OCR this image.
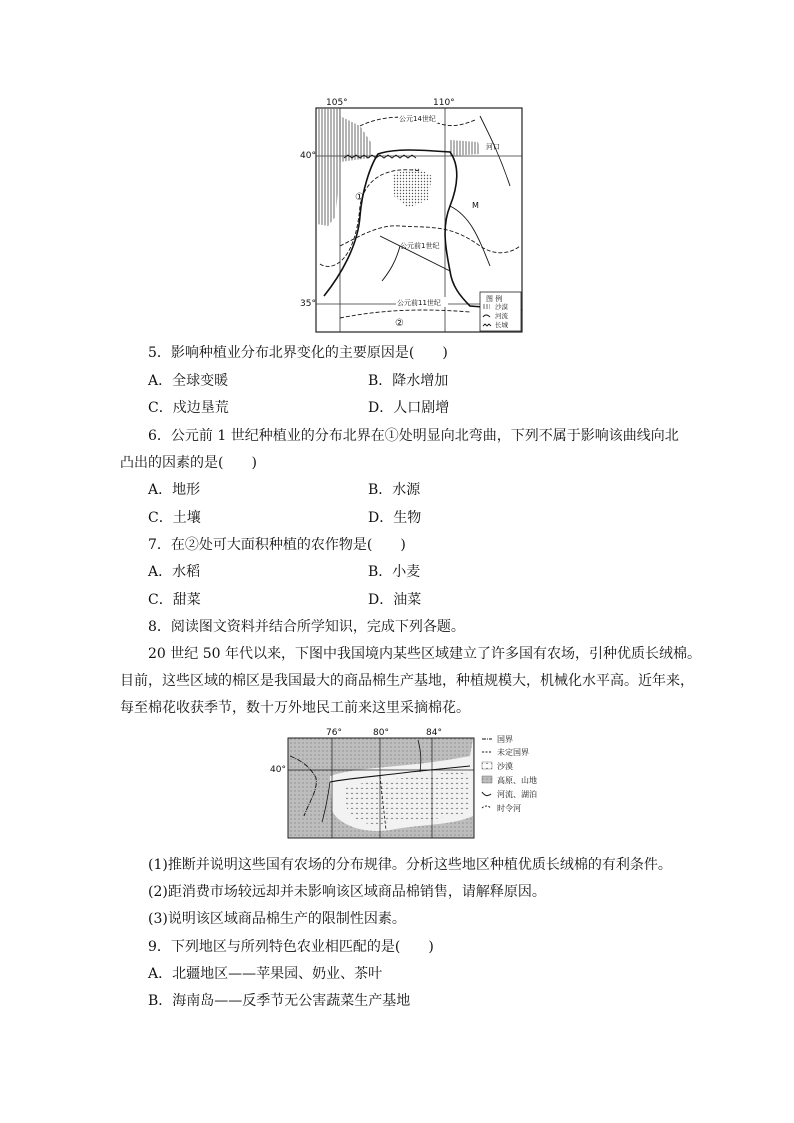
105°	110°
40°
35°
公元14世纪
河口
M
①
公元前1世纪
公元前11世纪
②
图 例
沙漠
河流
长城
5．影响种植业分布北界变化的主要原因是(　　)
A．全球变暖	B．降水增加
C．戍边垦荒	D．人口剧增
6．公元前 1 世纪种植业的分布北界在①处明显向北弯曲，下列不属于影响该曲线向北
凸出的因素的是(　　)
A．地形	B．水源
C．土壤	D．生物
7．在②处可大面积种植的农作物是(　　)
A．水稻	B．小麦
C．甜菜	D．油菜
8．阅读图文资料并结合所学知识，完成下列各题。
20 世纪 50 年代以来，下图中我国境内某些区域建立了许多国有农场，引种优质长绒棉。
目前，这些区域的棉区是我国最大的商品棉生产基地，种植规模大，机械化水平高。近年来，
每至棉花收获季节，数十万外地民工前来这里采摘棉花。
76°	80°	84°
40°
国界
未定国界
沙漠
高原、山地
河流、湖泊
时令河
(1)推断并说明这些国有农场的分布规律。分析这些地区种植优质长绒棉的有利条件。
(2)距消费市场较远却并未影响该区域商品棉销售，请解释原因。
(3)说明该区域商品棉生产的限制性因素。
9．下列地区与所列特色农业相匹配的是(　　)
A．北疆地区——苹果园、奶业、茶叶
B．海南岛——反季节无公害蔬菜生产基地
